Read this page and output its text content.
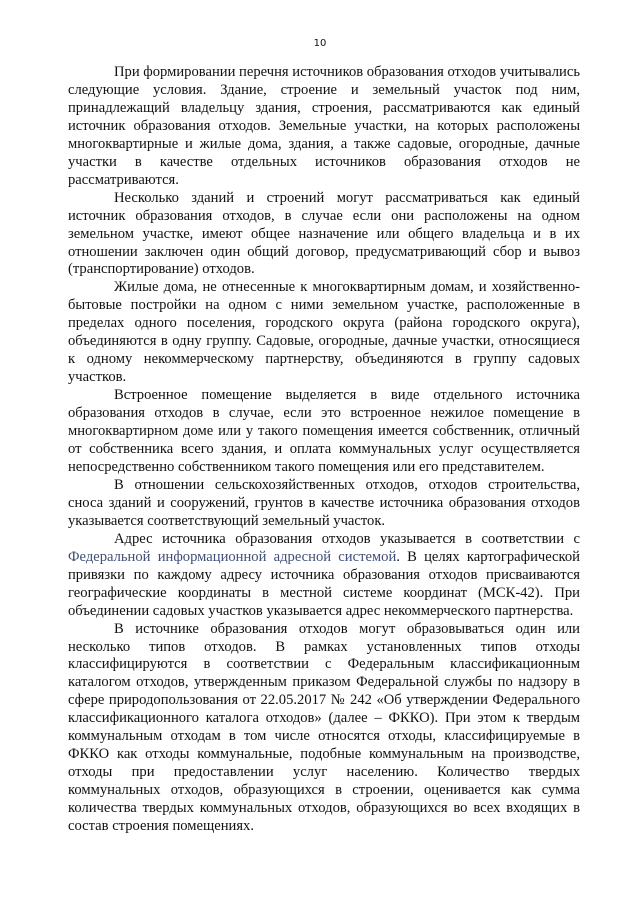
10

При формировании перечня источников образования отходов учитывались следующие условия. Здание, строение и земельный участок под ним, принадлежащий владельцу здания, строения, рассматриваются как единый источник образования отходов. Земельные участки, на которых расположены многоквартирные и жилые дома, здания, а также садовые, огородные, дачные участки в качестве отдельных источников образования отходов не рассматриваются.

Несколько зданий и строений могут рассматриваться как единый источник образования отходов, в случае если они расположены на одном земельном участке, имеют общее назначение или общего владельца и в их отношении заключен один общий договор, предусматривающий сбор и вывоз (транспортирование) отходов.

Жилые дома, не отнесенные к многоквартирным домам, и хозяйственно-бытовые постройки на одном с ними земельном участке, расположенные в пределах одного поселения, городского округа (района городского округа), объединяются в одну группу. Садовые, огородные, дачные участки, относящиеся к одному некоммерческому партнерству, объединяются в группу садовых участков.

Встроенное помещение выделяется в виде отдельного источника образования отходов в случае, если это встроенное нежилое помещение в многоквартирном доме или у такого помещения имеется собственник, отличный от собственника всего здания, и оплата коммунальных услуг осуществляется непосредственно собственником такого помещения или его представителем.

В отношении сельскохозяйственных отходов, отходов строительства, сноса зданий и сооружений, грунтов в качестве источника образования отходов указывается соответствующий земельный участок.

Адрес источника образования отходов указывается в соответствии с Федеральной информационной адресной системой. В целях картографической привязки по каждому адресу источника образования отходов присваиваются географические координаты в местной системе координат (МСК-42). При объединении садовых участков указывается адрес некоммерческого партнерства.

В источнике образования отходов могут образовываться один или несколько типов отходов. В рамках установленных типов отходы классифицируются в соответствии с Федеральным классификационным каталогом отходов, утвержденным приказом Федеральной службы по надзору в сфере природопользования от 22.05.2017 № 242 «Об утверждении Федерального классификационного каталога отходов» (далее – ФККО). При этом к твердым коммунальным отходам в том числе относятся отходы, классифицируемые в ФККО как отходы коммунальные, подобные коммунальным на производстве, отходы при предоставлении услуг населению. Количество твердых коммунальных отходов, образующихся в строении, оценивается как сумма количества твердых коммунальных отходов, образующихся во всех входящих в состав строения помещениях.
